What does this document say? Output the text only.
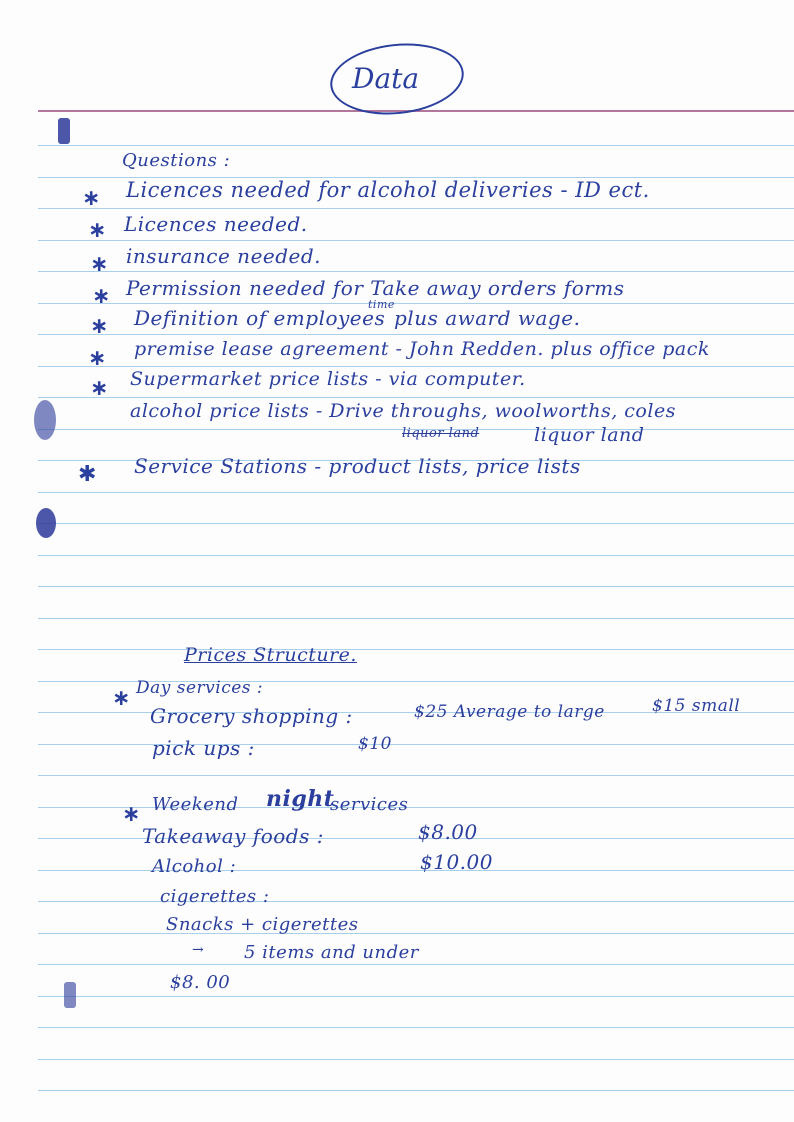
Data
Questions :
∗ Licences needed for alcohol deliveries - ID ect.
∗ Licences needed.
∗ insurance needed.
∗ Permission needed for Take away orders forms
∗ Definition of employees
time
plus award wage.
∗ premise lease agreement - John Redden. plus office pack
∗ Supermarket price lists - via computer.
alcohol price lists - Drive throughs, woolworths, coles
liquor land	liquor land
✱ Service Stations - product lists, price lists
Prices Structure.
∗ Day services :
Grocery shopping :	$25 Average to large	$15 small
pick ups :	$10
∗ Weekend night
services
Takeaway foods :	$8.00
Alcohol :	$10.00
cigerettes :
Snacks + cigerettes
→ 5 items and under
$8. 00
